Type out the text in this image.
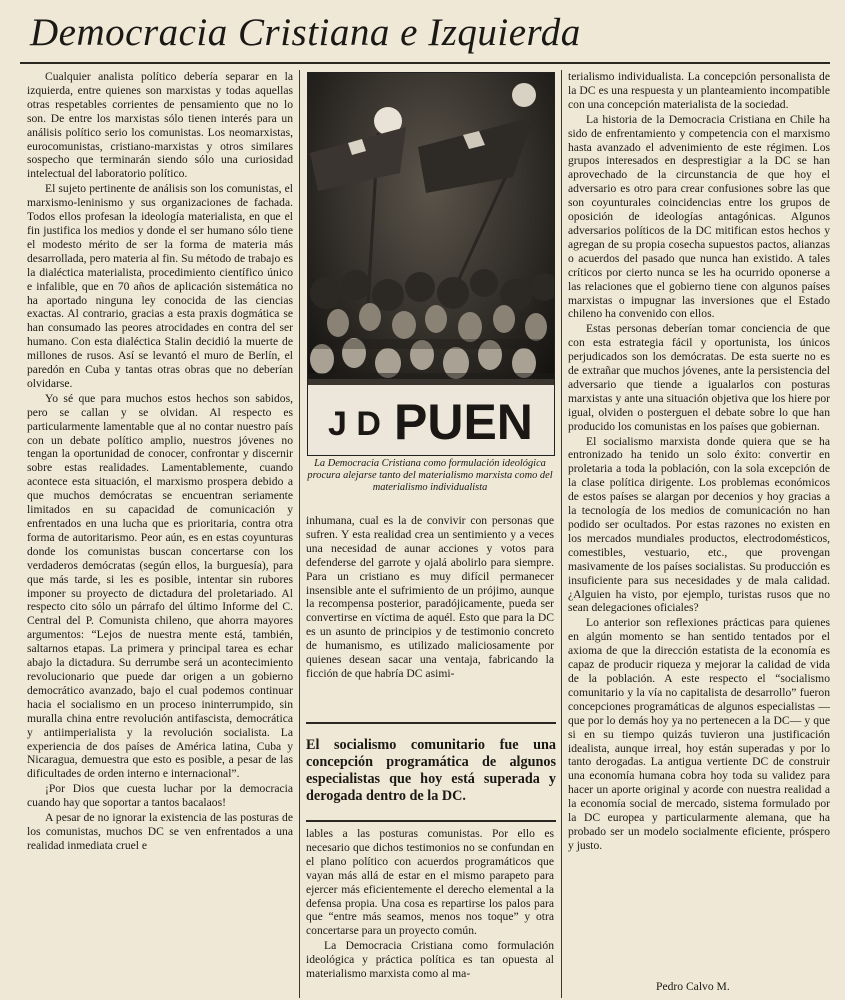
Democracia Cristiana e Izquierda

Cualquier analista político debería separar en la izquierda, entre quienes son marxistas y todas aquellas otras respetables corrientes de pensamiento que no lo son. De entre los marxistas sólo tienen interés para un análisis político serio los comunistas. Los neomarxistas, eurocomunistas, cristiano-marxistas y otros similares sospecho que terminarán siendo sólo una curiosidad intelectual del laboratorio político.

El sujeto pertinente de análisis son los comunistas, el marxismo-leninismo y sus organizaciones de fachada. Todos ellos profesan la ideología materialista, en que el fin justifica los medios y donde el ser humano sólo tiene el modesto mérito de ser la forma de materia más desarrollada, pero materia al fin. Su método de trabajo es la dialéctica materialista, procedimiento científico único e infalible, que en 70 años de aplicación sistemática no ha aportado ninguna ley conocida de las ciencias exactas. Al contrario, gracias a esta praxis dogmática se han consumado las peores atrocidades en contra del ser humano. Con esta dialéctica Stalin decidió la muerte de millones de rusos. Así se levantó el muro de Berlín, el paredón en Cuba y tantas otras obras que no deberían olvidarse.

Yo sé que para muchos estos hechos son sabidos, pero se callan y se olvidan. Al respecto es particularmente lamentable que al no contar nuestro país con un debate político amplio, nuestros jóvenes no tengan la oportunidad de conocer, confrontar y discernir sobre estas realidades. Lamentablemente, cuando acontece esta situación, el marxismo prospera debido a que muchos demócratas se encuentran seriamente limitados en su capacidad de comunicación y enfrentados en una lucha que es prioritaria, contra otra forma de autoritarismo. Peor aún, es en estas coyunturas donde los comunistas buscan concertarse con los verdaderos demócratas (según ellos, la burguesía), para que más tarde, si les es posible, intentar sin rubores imponer su proyecto de dictadura del proletariado. Al respecto cito sólo un párrafo del último Informe del C. Central del P. Comunista chileno, que ahorra mayores argumentos: “Lejos de nuestra mente está, también, saltarnos etapas. La primera y principal tarea es echar abajo la dictadura. Su derrumbe será un acontecimiento revolucionario que puede dar origen a un gobierno democrático avanzado, bajo el cual podemos continuar hacia el socialismo en un proceso ininterrumpido, sin muralla china entre revolución antifascista, democrática y antiimperialista y la revolución socialista. La experiencia de dos países de América latina, Cuba y Nicaragua, demuestra que esto es posible, a pesar de las dificultades de orden interno e internacional”.

¡Por Dios que cuesta luchar por la democracia cuando hay que soportar a tantos bacalaos!

A pesar de no ignorar la existencia de las posturas de los comunistas, muchos DC se ven enfrentados a una realidad inmediata cruel e

J D PUEN
La Democracia Cristiana como formulación ideológica procura alejarse tanto del materialismo marxista como del materialismo individualista

inhumana, cual es la de convivir con personas que sufren. Y esta realidad crea un sentimiento y a veces una necesidad de aunar acciones y votos para defenderse del garrote y ojalá abolirlo para siempre. Para un cristiano es muy difícil permanecer insensible ante el sufrimiento de un prójimo, aunque la recompensa posterior, paradójicamente, pueda ser convertirse en víctima de aquél. Esto que para la DC es un asunto de principios y de testimonio concreto de humanismo, es utilizado maliciosamente por quienes desean sacar una ventaja, fabricando la ficción de que habría DC asimi-

El socialismo comunitario fue una concepción programática de algunos especialistas que hoy está superada y derogada dentro de la DC.

lables a las posturas comunistas. Por ello es necesario que dichos testimonios no se confundan en el plano político con acuerdos programáticos que vayan más allá de estar en el mismo parapeto para ejercer más eficientemente el derecho elemental a la defensa propia. Una cosa es repartirse los palos para que “entre más seamos, menos nos toque” y otra concertarse para un proyecto común.

La Democracia Cristiana como formulación ideológica y práctica política es tan opuesta al materialismo marxista como al ma-

terialismo individualista. La concepción personalista de la DC es una respuesta y un planteamiento incompatible con una concepción materialista de la sociedad.

La historia de la Democracia Cristiana en Chile ha sido de enfrentamiento y competencia con el marxismo hasta avanzado el advenimiento de este régimen. Los grupos interesados en desprestigiar a la DC se han aprovechado de la circunstancia de que hoy el adversario es otro para crear confusiones sobre las que son coyunturales coincidencias entre los grupos de oposición de ideologías antagónicas. Algunos adversarios políticos de la DC mitifican estos hechos y agregan de su propia cosecha supuestos pactos, alianzas o acuerdos del pasado que nunca han existido. A tales críticos por cierto nunca se les ha ocurrido oponerse a las relaciones que el gobierno tiene con algunos países marxistas o impugnar las inversiones que el Estado chileno ha convenido con ellos.

Estas personas deberían tomar conciencia de que con esta estrategia fácil y oportunista, los únicos perjudicados son los demócratas. De esta suerte no es de extrañar que muchos jóvenes, ante la persistencia del adversario que tiende a igualarlos con posturas marxistas y ante una situación objetiva que los hiere por igual, olviden o posterguen el debate sobre lo que han producido los comunistas en los países que gobiernan.

El socialismo marxista donde quiera que se ha entronizado ha tenido un solo éxito: convertir en proletaria a toda la población, con la sola excepción de la clase política dirigente. Los problemas económicos de estos países se alargan por decenios y hoy gracias a la tecnología de los medios de comunicación no han podido ser ocultados. Por estas razones no existen en los mercados mundiales productos, electrodomésticos, comestibles, vestuario, etc., que provengan masivamente de los países socialistas. Su producción es insuficiente para sus necesidades y de mala calidad. ¿Alguien ha visto, por ejemplo, turistas rusos que no sean delegaciones oficiales?

Lo anterior son reflexiones prácticas para quienes en algún momento se han sentido tentados por el axioma de que la dirección estatista de la economía es capaz de producir riqueza y mejorar la calidad de vida de la población. A este respecto el “socialismo comunitario y la vía no capitalista de desarrollo” fueron concepciones programáticas de algunos especialistas —que por lo demás hoy ya no pertenecen a la DC— y que si en su tiempo quizás tuvieron una justificación idealista, aunque irreal, hoy están superadas y por lo tanto derogadas. La antigua vertiente DC de construir una economía humana cobra hoy toda su validez para hacer un aporte original y acorde con nuestra realidad a la economía social de mercado, sistema formulado por la DC europea y particularmente alemana, que ha probado ser un modelo socialmente eficiente, próspero y justo.

Pedro Calvo M.
